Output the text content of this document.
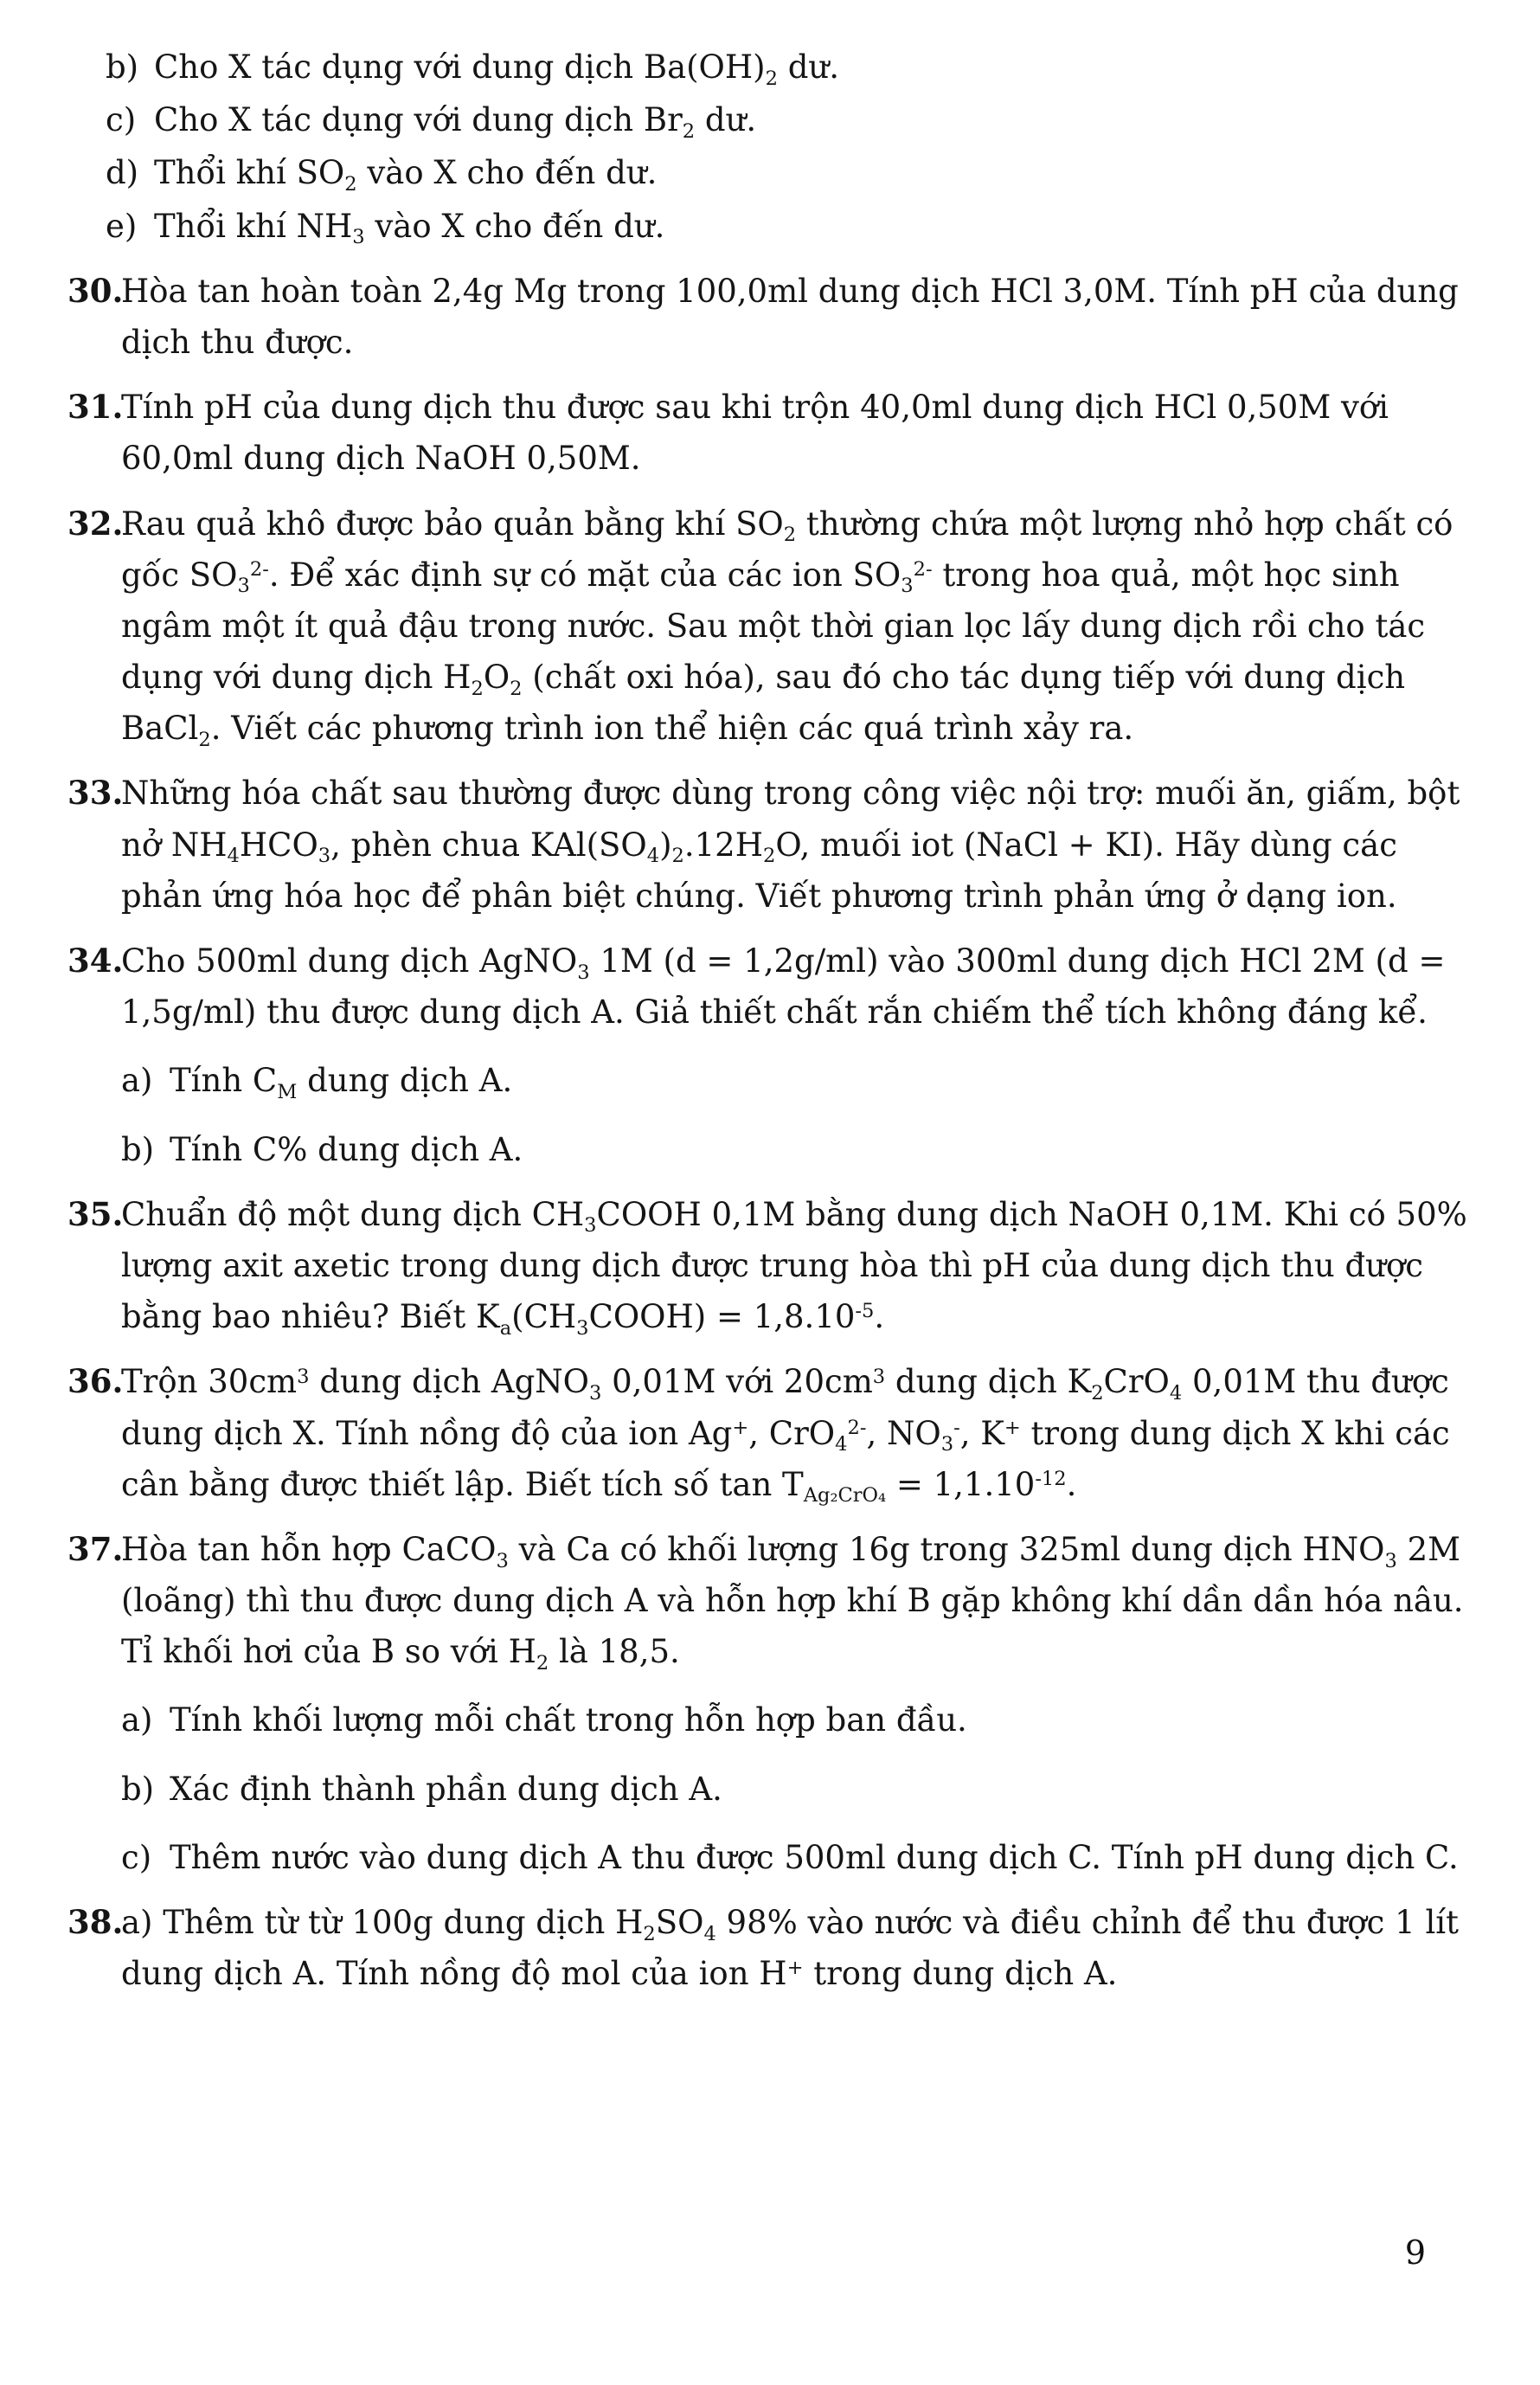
b) Cho X tác dụng với dung dịch $Ba(OH)_2$ dư.
c) Cho X tác dụng với dung dịch $Br_2$ dư.
d) Thổi khí $SO_2$ vào X cho đến dư.
e) Thổi khí $NH_3$ vào X cho đến dư.
30.
Hòa tan hoàn toàn 2,4g Mg trong 100,0ml dung dịch HCl 3,0M. Tính pH của dung dịch thu được.
31.
Tính pH của dung dịch thu được sau khi trộn 40,0ml dung dịch HCl 0,50M với 60,0ml dung dịch NaOH 0,50M.
32.
Rau quả khô được bảo quản bằng khí $SO_2$ thường chứa một lượng nhỏ hợp chất có gốc $SO_3^{2-}$. Để xác định sự có mặt của các ion $SO_3^{2-}$ trong hoa quả, một học sinh ngâm một ít quả đậu trong nước. Sau một thời gian lọc lấy dung dịch rồi cho tác dụng với dung dịch $H_2O_2$ (chất oxi hóa), sau đó cho tác dụng tiếp với dung dịch BaCl$_2$. Viết các phương trình ion thể hiện các quá trình xảy ra.
33.
Những hóa chất sau thường được dùng trong công việc nội trợ: muối ăn, giấm, bột nở $NH_4HCO_3$, phèn chua $KAl(SO_4)_2.12H_2O$, muối iot (NaCl + KI). Hãy dùng các phản ứng hóa học để phân biệt chúng. Viết phương trình phản ứng ở dạng ion.
34.
Cho 500ml dung dịch AgNO$_3$ 1M (d = 1,2g/ml) vào 300ml dung dịch HCl 2M (d = 1,5g/ml) thu được dung dịch A. Giả thiết chất rắn chiếm thể tích không đáng kể.
a) Tính $C_M$ dung dịch A.
b) Tính C% dung dịch A.
35.
Chuẩn độ một dung dịch $CH_3COOH$ 0,1M bằng dung dịch NaOH 0,1M. Khi có 50% lượng axit axetic trong dung dịch được trung hòa thì pH của dung dịch thu được bằng bao nhiêu? Biết $K_a(CH_3COOH) = 1,8.10^{-5}$.
36.
Trộn $30cm^3$ dung dịch AgNO$_3$ 0,01M với $20cm^3$ dung dịch $K_2CrO_4$ 0,01M thu được dung dịch X. Tính nồng độ của ion Ag+, CrO$_4^{2-}$, $NO_3^-$, K+ trong dung dịch X khi các cân bằng được thiết lập. Biết tích số $\tan T_{Ag_2CrO_4} = 1,1.10^{-12}$.
37.
Hòa tan hỗn hợp CaCO$_3$ và Ca có khối lượng 16g trong 325ml dung dịch $HNO_3$ 2M (loãng) thì thu được dung dịch A và hỗn hợp khí B gặp không khí dần dần hóa nâu. Tỉ khối hơi của B so với $H_2$ là 18,5.
a) Tính khối lượng mỗi chất trong hỗn hợp ban đầu.
b) Xác định thành phần dung dịch A.
c) Thêm nước vào dung dịch A thu được 500ml dung dịch C. Tính pH dung dịch C.
38.
a) Thêm từ từ 100g dung dịch $H_2SO_4$ 98% vào nước và điều chỉnh để thu được 1 lít dung dịch A. Tính nồng độ mol của ion H+ trong dung dịch A.
9
